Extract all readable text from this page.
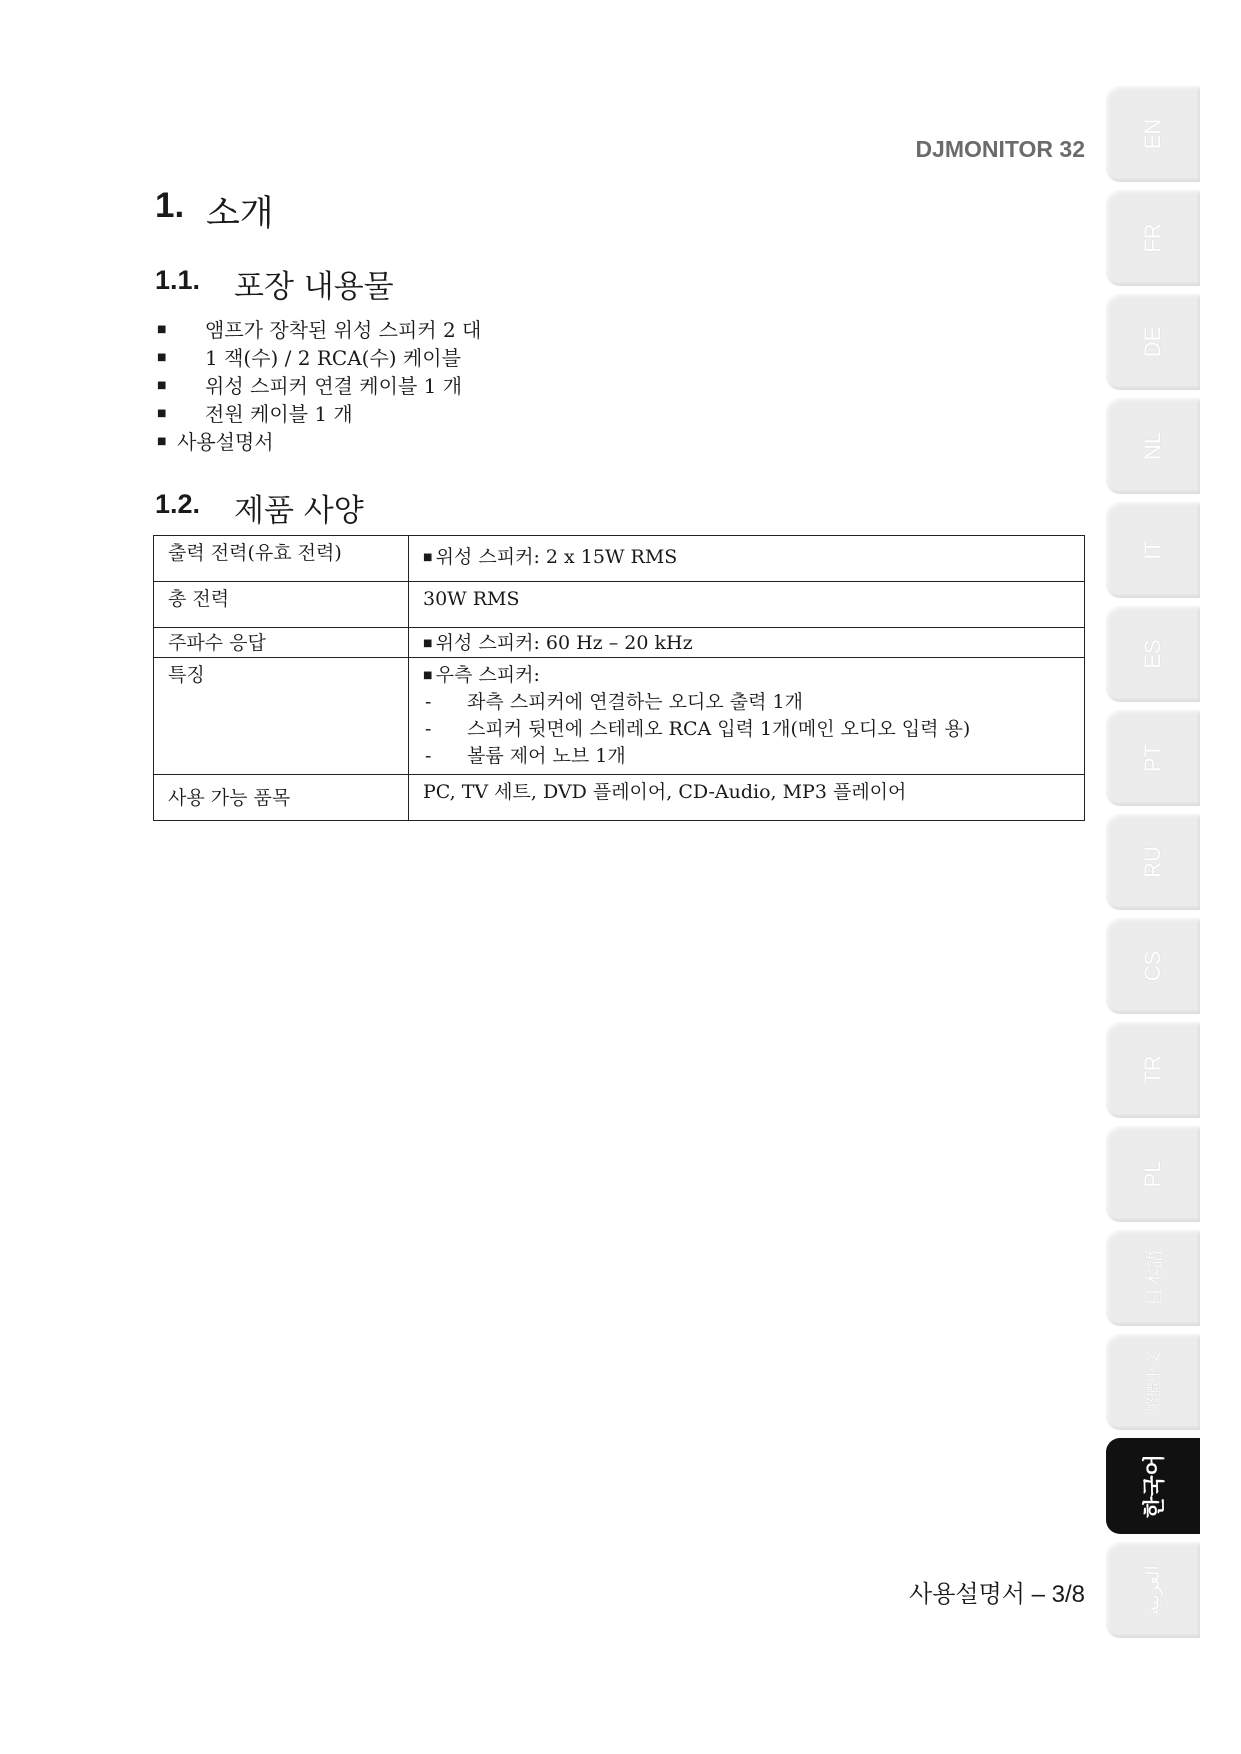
DJMONITOR 32
1. 소개
1.1.	포장 내용물
■ 앰프가 장착된 위성 스피커 2 대
■ 1 잭(수) / 2 RCA(수) 케이블
■ 위성 스피커 연결 케이블 1 개
■ 전원 케이블 1 개
■ 사용설명서
1.2.	제품 사양
출력 전력(유효 전력)	■ 위성 스피커: 2 x 15W RMS
총 전력	30W RMS
주파수 응답	■ 위성 스피커: 60 Hz – 20 kHz
특징	■ 우측 스피커:
- 좌측 스피커에 연결하는 오디오 출력 1개
- 스피커 뒷면에 스테레오 RCA 입력 1개(메인 오디오 입력 용)
- 볼륨 제어 노브 1개

사용 가능 품목	PC, TV 세트, DVD 플레이어, CD-Audio, MP3 플레이어
EN
FR
DE
NL
IT
ES
PT
RU
CS
TR
PL
日本語
繁體中文
한국어
العربية
사용설명서 – 3/8
